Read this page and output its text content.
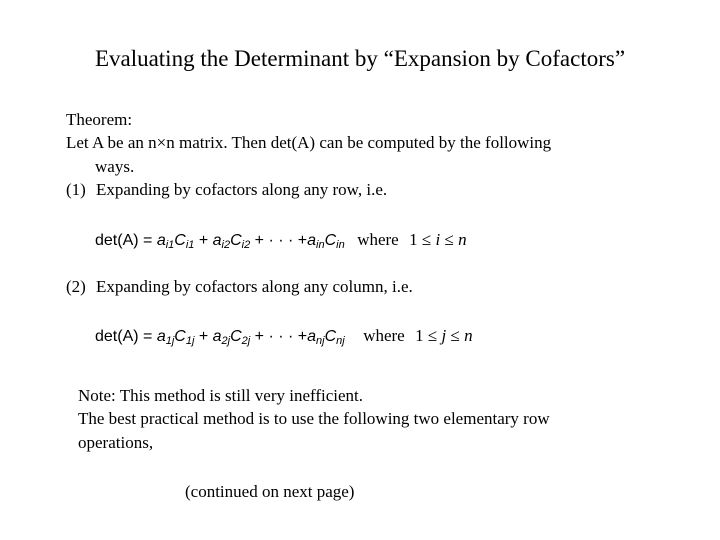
Evaluating the Determinant by “Expansion by Cofactors”
Theorem:
Let A be an n×n matrix. Then det(A) can be computed by the following
ways.
(1) Expanding by cofactors along any row, i.e.
$\det(A) = a_{i1}C_{i1} + a_{i2}C_{i2}$ + · · · $+a_{in}C_{in}$ where 1 ≤ i ≤ n
(2) Expanding by cofactors along any column, i.e.
$\det(A) = a_{1j}C_{1j} + a_{2j}C_{2j}$ + · · · $+a_{nj}C_{nj}$ where 1 ≤ j ≤ n
Note: This method is still very inefficient.
The best practical method is to use the following two elementary row
operations,
(continued on next page)
